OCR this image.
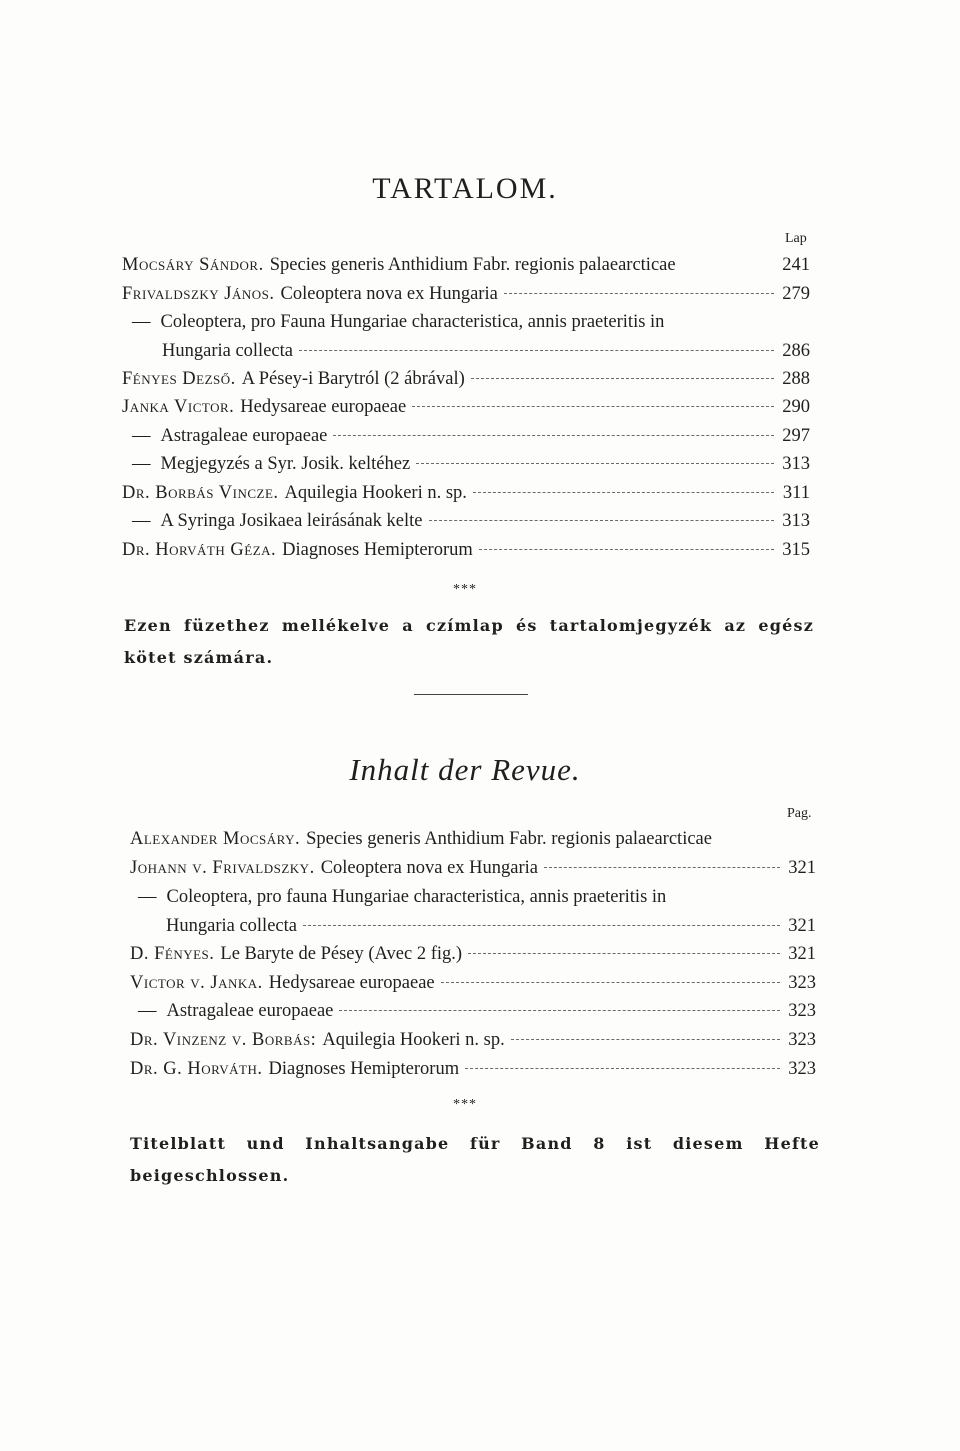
TARTALOM.
Lap
Mocsáry Sándor. Species generis Anthidium Fabr. regionis palaearcticae	241
Frivaldszky János. Coleoptera nova ex Hungaria	279
— Coleoptera, pro Fauna Hungariae characteristica, annis praeteritis in
Hungaria collecta	286
Fényes Dezső. A Pésey-i Barytról (2 ábrával)	288
Janka Victor. Hedysareae europaeae	290
— Astragaleae europaeae	297
— Megjegyzés a Syr. Josik. keltéhez	313
Dr. Borbás Vincze. Aquilegia Hookeri n. sp.	311
— A Syringa Josikaea leirásának kelte	313
Dr. Horváth Géza. Diagnoses Hemipterorum	315
***
Ezen füzethez mellékelve a czímlap és tartalomjegyzék az egész kötet számára.
Inhalt der Revue.
Pag.
Alexander Mocsáry. Species generis Anthidium Fabr. regionis palaearcticae
Johann v. Frivaldszky. Coleoptera nova ex Hungaria	321
— Coleoptera, pro fauna Hungariae characteristica, annis praeteritis in
Hungaria collecta	321
D. Fényes. Le Baryte de Pésey (Avec 2 fig.)	321
Victor v. Janka. Hedysareae europaeae	323
— Astragaleae europaeae	323
Dr. Vinzenz v. Borbás: Aquilegia Hookeri n. sp.	323
Dr. G. Horváth. Diagnoses Hemipterorum	323
***
Titelblatt und Inhaltsangabe für Band 8 ist diesem Hefte beigeschlossen.
